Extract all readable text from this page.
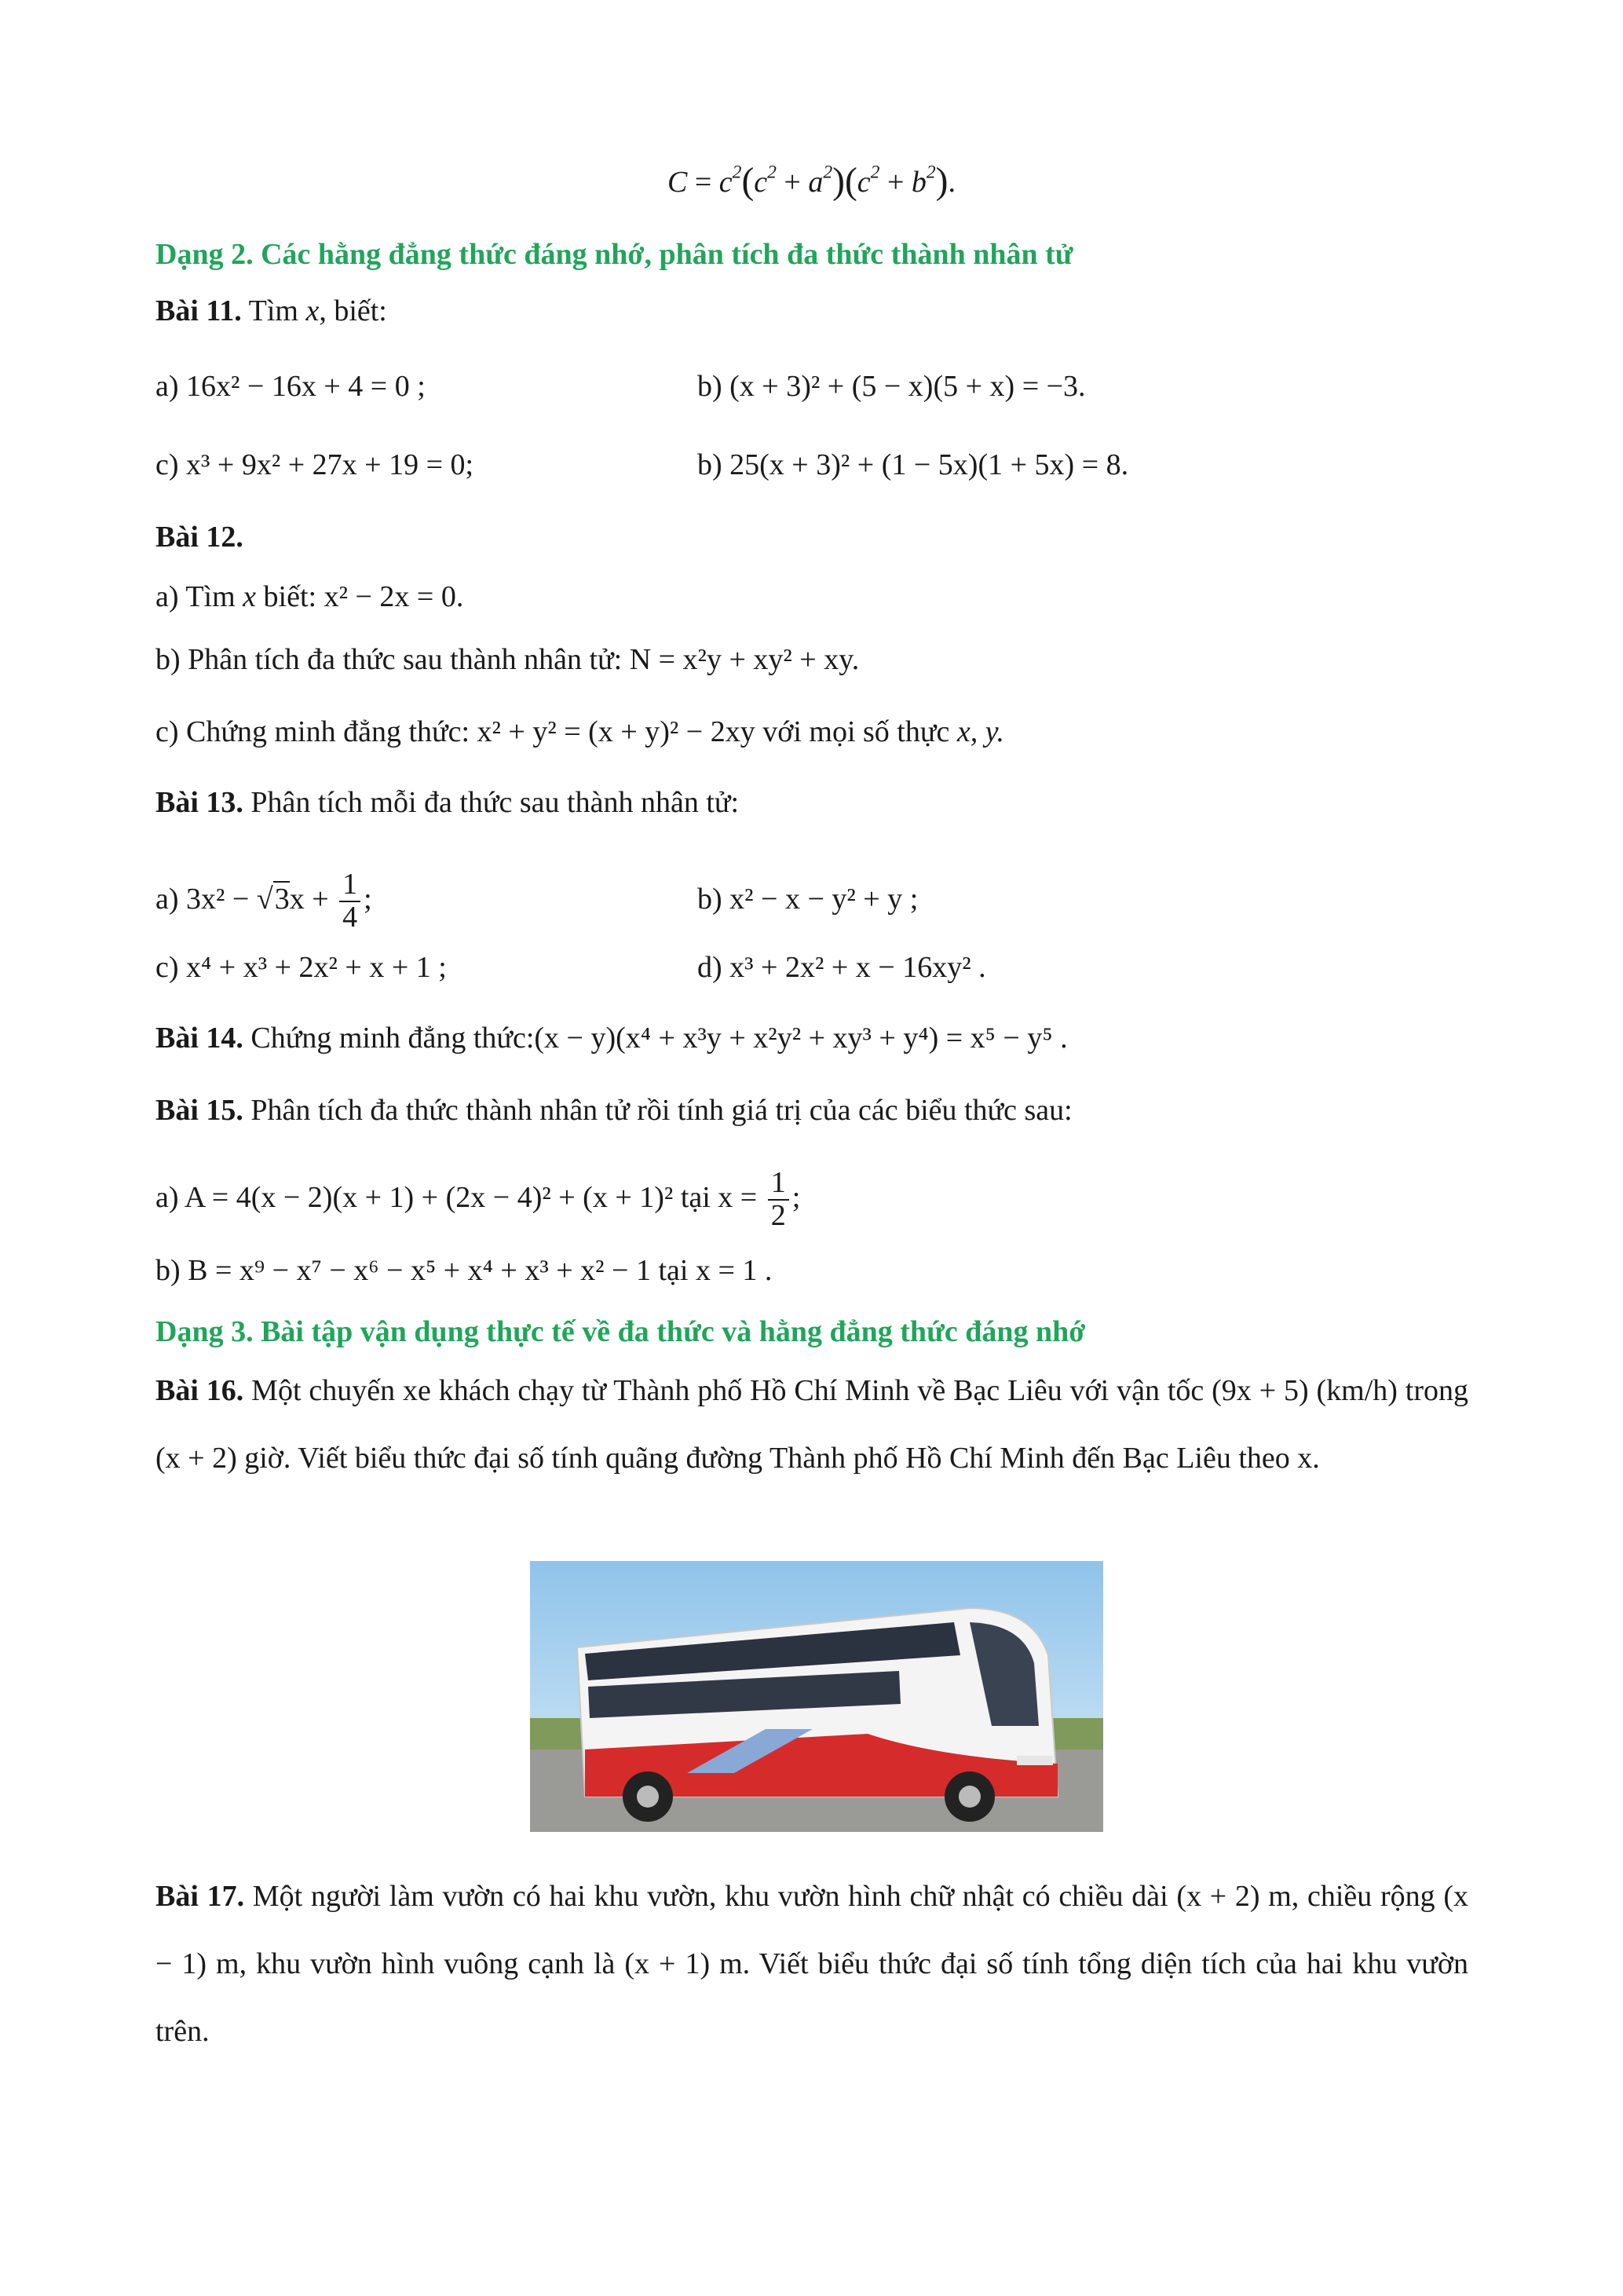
$C = c^2(c^2 + a^2)(c^2 + b^2)$.
Dạng 2. Các hằng đẳng thức đáng nhớ, phân tích đa thức thành nhân tử
Bài 11. Tìm x, biết:
a) 16x² − 16x + 4 = 0 ;	b) (x + 3)² + (5 − x)(5 + x) = −3.
c) x³ + 9x² + 27x + 19 = 0;	b) 25(x + 3)² + (1 − 5x)(1 + 5x) = 8.
Bài 12.
a) Tìm x biết: x² − 2x = 0.
b) Phân tích đa thức sau thành nhân tử: N = x²y + xy² + xy.
c) Chứng minh đẳng thức: x² + y² = (x + y)² − 2xy với mọi số thực x, y.
Bài 13. Phân tích mỗi đa thức sau thành nhân tử:
a) $3x^2 - √3x + \frac{1}{4}$ ;	b) x² − x − y² + y ;
c) x⁴ + x³ + 2x² + x + 1 ;	d) x³ + 2x² + x − 16xy² .
Bài 14. Chứng minh đẳng thức:(x − y)(x⁴ + x³y + x²y² + xy³ + y⁴) = x⁵ − y⁵ .
Bài 15. Phân tích đa thức thành nhân tử rồi tính giá trị của các biểu thức sau:
a) A = 4(x − 2)(x + 1) + (2x − 4)² + (x + 1)² tại $x = \frac{1}{2}$ ;
b) B = x⁹ − x⁷ − x⁶ − x⁵ + x⁴ + x³ + x² − 1 tại x = 1 .
Dạng 3. Bài tập vận dụng thực tế về đa thức và hằng đẳng thức đáng nhớ
Bài 16. Một chuyến xe khách chạy từ Thành phố Hồ Chí Minh về Bạc Liêu với vận tốc (9x + 5) (km/h) trong (x + 2) giờ. Viết biểu thức đại số tính quãng đường Thành phố Hồ Chí Minh đến Bạc Liêu theo x.
Bài 17. Một người làm vườn có hai khu vườn, khu vườn hình chữ nhật có chiều dài (x + 2) m, chiều rộng (x − 1) m, khu vườn hình vuông cạnh là (x + 1) m. Viết biểu thức đại số tính tổng diện tích của hai khu vườn trên.
